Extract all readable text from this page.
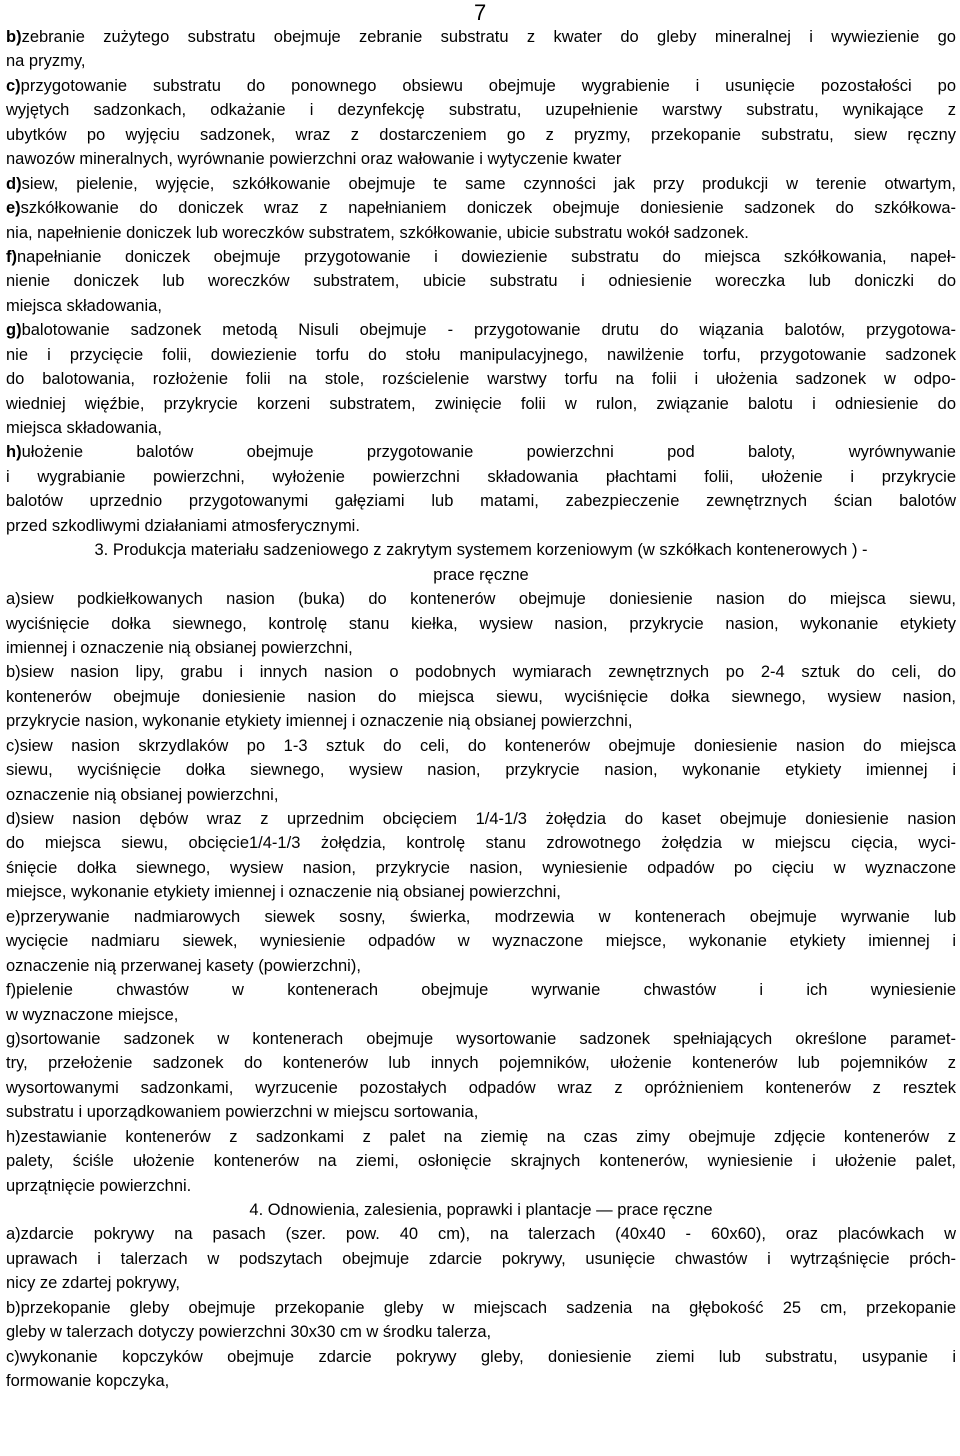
7
b)zebranie zużytego substratu obejmuje zebranie substratu z kwater do gleby mineralnej i wywiezienie go
na pryzmy,
c)przygotowanie substratu do ponownego obsiewu obejmuje wygrabienie i usunięcie pozostałości po
wyjętych sadzonkach, odkażanie i dezynfekcję substratu, uzupełnienie warstwy substratu, wynikające z
ubytków po wyjęciu sadzonek, wraz z dostarczeniem go z pryzmy, przekopanie substratu, siew ręczny
nawozów mineralnych, wyrównanie powierzchni oraz wałowanie i wytyczenie kwater
d)siew, pielenie, wyjęcie, szkółkowanie obejmuje te same czynności jak przy produkcji w terenie otwartym,
e)szkółkowanie do doniczek wraz z napełnianiem doniczek obejmuje doniesienie sadzonek do szkółkowa-
nia, napełnienie doniczek lub woreczków substratem, szkółkowanie, ubicie substratu wokół sadzonek.
f)napełnianie doniczek obejmuje przygotowanie i dowiezienie substratu do miejsca szkółkowania, napeł-
nienie doniczek lub woreczków substratem, ubicie substratu i odniesienie woreczka lub doniczki do
miejsca składowania,
g)balotowanie sadzonek metodą Nisuli obejmuje - przygotowanie drutu do wiązania balotów, przygotowa-
nie i przycięcie folii, dowiezienie torfu do stołu manipulacyjnego, nawilżenie torfu, przygotowanie sadzonek
do balotowania, rozłożenie folii na stole, rozścielenie warstwy torfu na folii i ułożenia sadzonek w odpo-
wiedniej więźbie, przykrycie korzeni substratem, zwinięcie folii w rulon, związanie balotu i odniesienie do
miejsca składowania,
h)ułożenie balotów obejmuje przygotowanie powierzchni pod baloty, wyrównywanie
i wygrabianie powierzchni, wyłożenie powierzchni składowania płachtami folii, ułożenie i przykrycie
balotów uprzednio przygotowanymi gałęziami lub matami, zabezpieczenie zewnętrznych ścian balotów
przed szkodliwymi działaniami atmosferycznymi.
3. Produkcja materiału sadzeniowego z zakrytym systemem korzeniowym (w szkółkach kontenerowych ) -
prace ręczne
a)siew podkiełkowanych nasion (buka) do kontenerów obejmuje doniesienie nasion do miejsca siewu,
wyciśnięcie dołka siewnego, kontrolę stanu kiełka, wysiew nasion, przykrycie nasion, wykonanie etykiety
imiennej i oznaczenie nią obsianej powierzchni,
b)siew nasion lipy, grabu i innych nasion o podobnych wymiarach zewnętrznych po 2-4 sztuk do celi, do
kontenerów obejmuje doniesienie nasion do miejsca siewu, wyciśnięcie dołka siewnego, wysiew nasion,
przykrycie nasion, wykonanie etykiety imiennej i oznaczenie nią obsianej powierzchni,
c)siew nasion skrzydlaków po 1-3 sztuk do celi, do kontenerów obejmuje doniesienie nasion do miejsca
siewu, wyciśnięcie dołka siewnego, wysiew nasion, przykrycie nasion, wykonanie etykiety imiennej i
oznaczenie nią obsianej powierzchni,
d)siew nasion dębów wraz z uprzednim obcięciem 1/4-1/3 żołędzia do kaset obejmuje doniesienie nasion
do miejsca siewu, obcięcie1/4-1/3 żołędzia, kontrolę stanu zdrowotnego żołędzia w miejscu cięcia, wyci-
śnięcie dołka siewnego, wysiew nasion, przykrycie nasion, wyniesienie odpadów po cięciu w wyznaczone
miejsce, wykonanie etykiety imiennej i oznaczenie nią obsianej powierzchni,
e)przerywanie nadmiarowych siewek sosny, świerka, modrzewia w kontenerach obejmuje wyrwanie lub
wycięcie nadmiaru siewek, wyniesienie odpadów w wyznaczone miejsce, wykonanie etykiety imiennej i
oznaczenie nią przerwanej kasety (powierzchni),
f)pielenie chwastów w kontenerach obejmuje wyrwanie chwastów i ich wyniesienie
w wyznaczone miejsce,
g)sortowanie sadzonek w kontenerach obejmuje wysortowanie sadzonek spełniających określone paramet-
try, przełożenie sadzonek do kontenerów lub innych pojemników, ułożenie kontenerów lub pojemników z
wysortowanymi sadzonkami, wyrzucenie pozostałych odpadów wraz z opróżnieniem kontenerów z resztek
substratu i uporządkowaniem powierzchni w miejscu sortowania,
h)zestawianie kontenerów z sadzonkami z palet na ziemię na czas zimy obejmuje zdjęcie kontenerów z
palety, ściśle ułożenie kontenerów na ziemi, osłonięcie skrajnych kontenerów, wyniesienie i ułożenie palet,
uprzątnięcie powierzchni.
4. Odnowienia, zalesienia, poprawki i plantacje — prace ręczne
a)zdarcie pokrywy na pasach (szer. pow. 40 cm), na talerzach (40x40 - 60x60), oraz placówkach w
uprawach i talerzach w podszytach obejmuje zdarcie pokrywy, usunięcie chwastów i wytrząśnięcie próch-
nicy ze zdartej pokrywy,
b)przekopanie gleby obejmuje przekopanie gleby w miejscach sadzenia na głębokość 25 cm, przekopanie
gleby w talerzach dotyczy powierzchni 30x30 cm w środku talerza,
c)wykonanie kopczyków obejmuje zdarcie pokrywy gleby, doniesienie ziemi lub substratu, usypanie i
formowanie kopczyka,
